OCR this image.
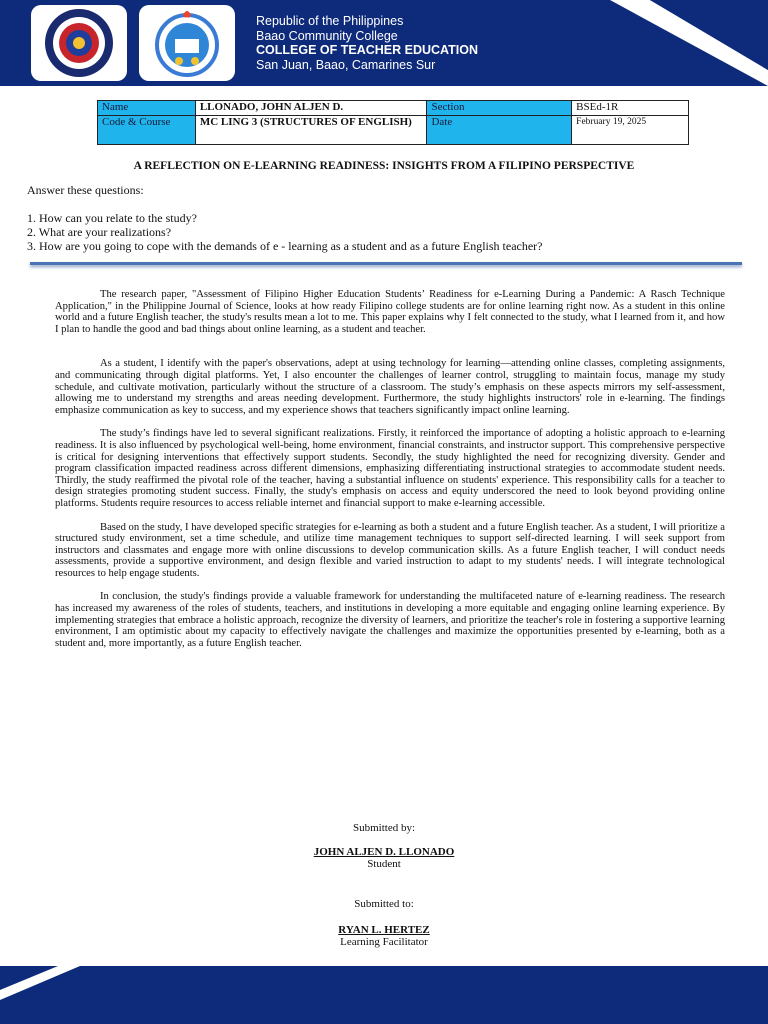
Republic of the Philippines
Baao Community College
COLLEGE OF TEACHER EDUCATION
San Juan, Baao, Camarines Sur
Name	LLONADO, JOHN ALJEN D.	Section	BSEd-1R
Code & Course	MC LING 3 (STRUCTURES OF ENGLISH)	Date	February 19, 2025
A REFLECTION ON E-LEARNING READINESS: INSIGHTS FROM A FILIPINO PERSPECTIVE

Answer these questions:

1. How can you relate to the study?

2. What are your realizations?

3. How are you going to cope with the demands of e - learning as a student and as a future English teacher?

The research paper, "Assessment of Filipino Higher Education Students’ Readiness for e-Learning During a Pandemic: A Rasch Technique Application," in the Philippine Journal of Science, looks at how ready Filipino college students are for online learning right now. As a student in this online world and a future English teacher, the study's results mean a lot to me. This paper explains why I felt connected to the study, what I learned from it, and how I plan to handle the good and bad things about online learning, as a student and teacher.

As a student, I identify with the paper's observations, adept at using technology for learning—attending online classes, completing assignments, and communicating through digital platforms. Yet, I also encounter the challenges of learner control, struggling to maintain focus, manage my study schedule, and cultivate motivation, particularly without the structure of a classroom. The study’s emphasis on these aspects mirrors my self-assessment, allowing me to understand my strengths and areas needing development. Furthermore, the study highlights instructors' role in e-learning. The findings emphasize communication as key to success, and my experience shows that teachers significantly impact online learning.

The study’s findings have led to several significant realizations. Firstly, it reinforced the importance of adopting a holistic approach to e-learning readiness. It is also influenced by psychological well-being, home environment, financial constraints, and instructor support. This comprehensive perspective is critical for designing interventions that effectively support students. Secondly, the study highlighted the need for recognizing diversity. Gender and program classification impacted readiness across different dimensions, emphasizing differentiating instructional strategies to accommodate student needs. Thirdly, the study reaffirmed the pivotal role of the teacher, having a substantial influence on students' experience. This responsibility calls for a teacher to design strategies promoting student success. Finally, the study's emphasis on access and equity underscored the need to look beyond providing online platforms. Students require resources to access reliable internet and financial support to make e-learning accessible.

Based on the study, I have developed specific strategies for e-learning as both a student and a future English teacher. As a student, I will prioritize a structured study environment, set a time schedule, and utilize time management techniques to support self-directed learning. I will seek support from instructors and classmates and engage more with online discussions to develop communication skills. As a future English teacher, I will conduct needs assessments, provide a supportive environment, and design flexible and varied instruction to adapt to my students' needs. I will integrate technological resources to help engage students.

In conclusion, the study's findings provide a valuable framework for understanding the multifaceted nature of e-learning readiness. The research has increased my awareness of the roles of students, teachers, and institutions in developing a more equitable and engaging online learning experience. By implementing strategies that embrace a holistic approach, recognize the diversity of learners, and prioritize the teacher's role in fostering a supportive learning environment, I am optimistic about my capacity to effectively navigate the challenges and maximize the opportunities presented by e-learning, both as a student and, more importantly, as a future English teacher.

Submitted by:
JOHN ALJEN D. LLONADO
Student
Submitted to:
RYAN L. HERTEZ
Learning Facilitator
